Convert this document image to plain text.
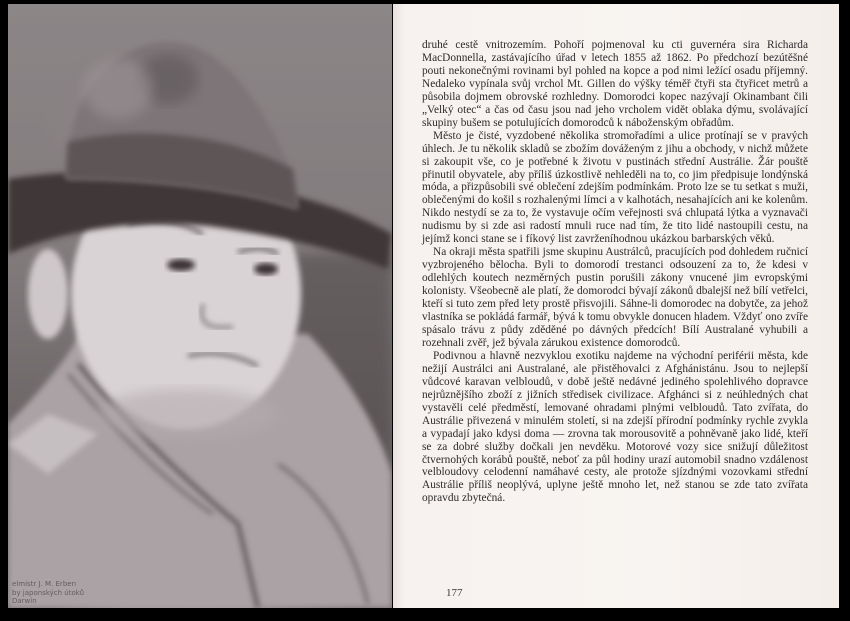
elmistr J. M. Erben
by japonských útoků
Darwin

druhé cestě vnitrozemím. Pohoří pojmenoval ku cti guvernéra sira Richarda MacDonnella, zastávajícího úřad v letech 1855 až 1862. Po předchozí bezútěšné pouti nekonečnými rovinami byl pohled na kopce a pod nimi ležící osadu příjemný. Nedaleko vypínala svůj vrchol Mt. Gillen do výšky téměř čtyři sta čtyřicet metrů a působila dojmem obrovské rozhledny. Domorodci kopec nazývají Okinambant čili „Velký otec“ a čas od času jsou nad jeho vrcholem vidět oblaka dýmu, svolávající skupiny bušem se potulujících domorodců k náboženským obřadům.

Město je čisté, vyzdobené několika stromořadími a ulice protínají se v pravých úhlech. Je tu několik skladů se zbožím dováženým z jihu a obchody, v nichž můžete si zakoupit vše, co je potřebné k životu v pustinách střední Austrálie. Žár pouště přinutil obyvatele, aby příliš úzkostlivě nehleděli na to, co jim předpisuje londýnská móda, a přizpůsobili své oblečení zdejším podmínkám. Proto lze se tu setkat s muži, oblečenými do košil s rozhalenými límci a v kalhotách, nesahajících ani ke kolenům. Nikdo nestydí se za to, že vystavuje očím veřejnosti svá chlupatá lýtka a vyznavači nudismu by si zde asi radostí mnuli ruce nad tím, že tito lidé nastoupili cestu, na jejímž konci stane se i fíkový list zavrženíhodnou ukázkou barbarských věků.

Na okraji města spatřili jsme skupinu Austrálců, pracujících pod dohledem ručnicí vyzbrojeného bělocha. Byli to domorodí trestanci odsouzení za to, že kdesi v odlehlých koutech nezměrných pustin porušili zákony vnucené jim evropskými kolonisty. Všeobecně ale platí, že domorodci bývají zákonů dbalejší než bílí vetřelci, kteří si tuto zem před lety prostě přisvojili. Sáhne-li domorodec na dobytče, za jehož vlastníka se pokládá farmář, bývá k tomu obvykle donucen hladem. Vždyť ono zvíře spásalo trávu z půdy zděděné po dávných předcích! Bílí Australané vyhubili a rozehnali zvěř, jež bývala zárukou existence domorodců.

Podivnou a hlavně nezvyklou exotiku najdeme na východní periférii města, kde nežijí Austrálci ani Australané, ale přistěhovalci z Afghánistánu. Jsou to nejlepší vůdcové karavan velbloudů, v době ještě nedávné jediného spolehlivého dopravce nejrůznějšího zboží z jižních středisek civilizace. Afghánci si z neúhledných chat vystavěli celé předměstí, lemované ohradami plnými velbloudů. Tato zvířata, do Austrálie přivezená v minulém století, si na zdejší přírodní podmínky rychle zvykla a vypadají jako kdysi doma — zrovna tak morousovitě a pohněvaně jako lidé, kteří se za dobré služby dočkali jen nevděku. Motorové vozy sice snižují důležitost čtvernohých korábů pouště, neboť za půl hodiny urazí automobil snadno vzdálenost velbloudovy celodenní namáhavé cesty, ale protože sjízdnými vozovkami střední Austrálie příliš neoplývá, uplyne ještě mnoho let, než stanou se zde tato zvířata opravdu zbytečná.

177
